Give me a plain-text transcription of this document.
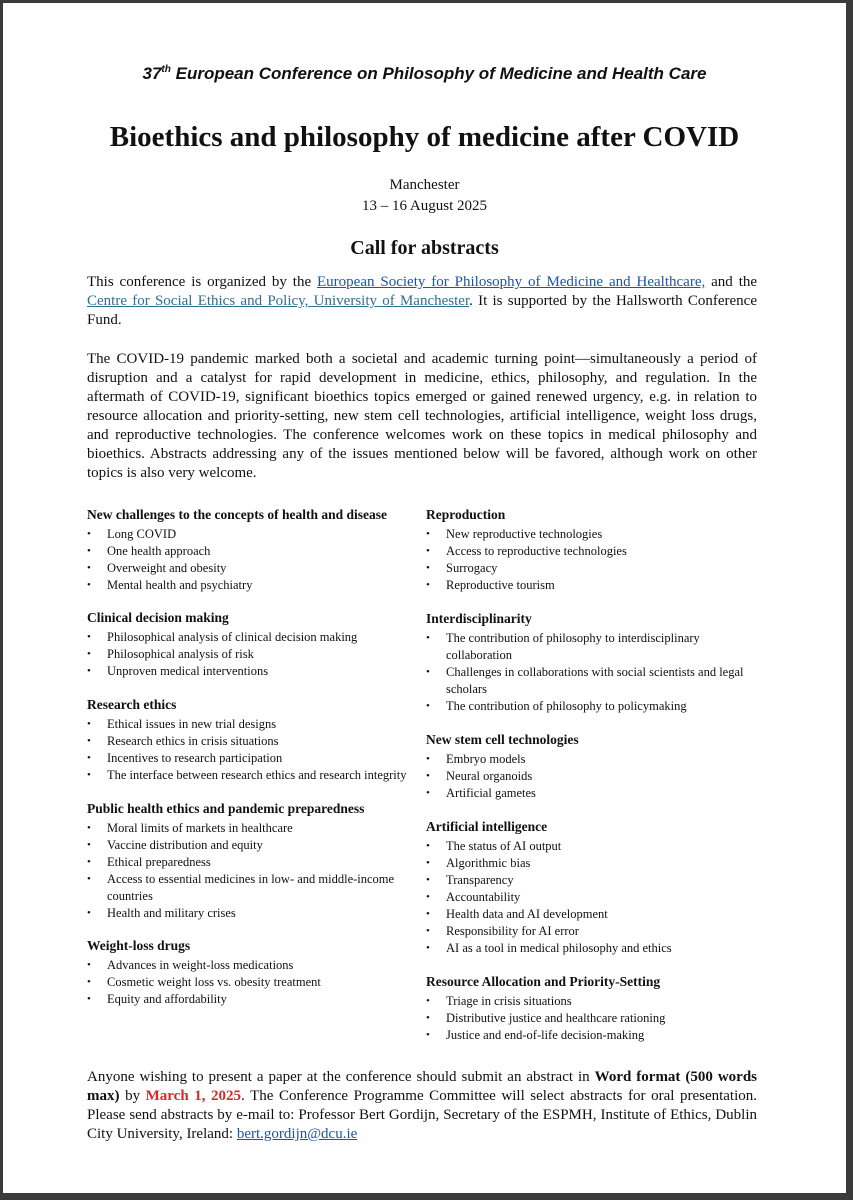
37th European Conference on Philosophy of Medicine and Health Care
Bioethics and philosophy of medicine after COVID
Manchester
13 – 16 August 2025
Call for abstracts
This conference is organized by the European Society for Philosophy of Medicine and Healthcare, and the Centre for Social Ethics and Policy, University of Manchester. It is supported by the Hallsworth Conference Fund.
The COVID-19 pandemic marked both a societal and academic turning point—simultaneously a period of disruption and a catalyst for rapid development in medicine, ethics, philosophy, and regulation. In the aftermath of COVID-19, significant bioethics topics emerged or gained renewed urgency, e.g. in relation to resource allocation and priority-setting, new stem cell technologies, artificial intelligence, weight loss drugs, and reproductive technologies. The conference welcomes work on these topics in medical philosophy and bioethics. Abstracts addressing any of the issues mentioned below will be favored, although work on other topics is also very welcome.
New challenges to the concepts of health and disease
• Long COVID
• One health approach
• Overweight and obesity
• Mental health and psychiatry
Clinical decision making
• Philosophical analysis of clinical decision making
• Philosophical analysis of risk
• Unproven medical interventions
Research ethics
• Ethical issues in new trial designs
• Research ethics in crisis situations
• Incentives to research participation
• The interface between research ethics and research integrity
Public health ethics and pandemic preparedness
• Moral limits of markets in healthcare
• Vaccine distribution and equity
• Ethical preparedness
• Access to essential medicines in low- and middle-income countries
• Health and military crises
Weight-loss drugs
• Advances in weight-loss medications
• Cosmetic weight loss vs. obesity treatment
• Equity and affordability
Reproduction
• New reproductive technologies
• Access to reproductive technologies
• Surrogacy
• Reproductive tourism
Interdisciplinarity
• The contribution of philosophy to interdisciplinary collaboration
• Challenges in collaborations with social scientists and legal scholars
• The contribution of philosophy to policymaking
New stem cell technologies
• Embryo models
• Neural organoids
• Artificial gametes
Artificial intelligence
• The status of AI output
• Algorithmic bias
• Transparency
• Accountability
• Health data and AI development
• Responsibility for AI error
• AI as a tool in medical philosophy and ethics
Resource Allocation and Priority-Setting
• Triage in crisis situations
• Distributive justice and healthcare rationing
• Justice and end-of-life decision-making
Anyone wishing to present a paper at the conference should submit an abstract in Word format (500 words max) by March 1, 2025. The Conference Programme Committee will select abstracts for oral presentation. Please send abstracts by e-mail to: Professor Bert Gordijn, Secretary of the ESPMH, Institute of Ethics, Dublin City University, Ireland: bert.gordijn@dcu.ie
